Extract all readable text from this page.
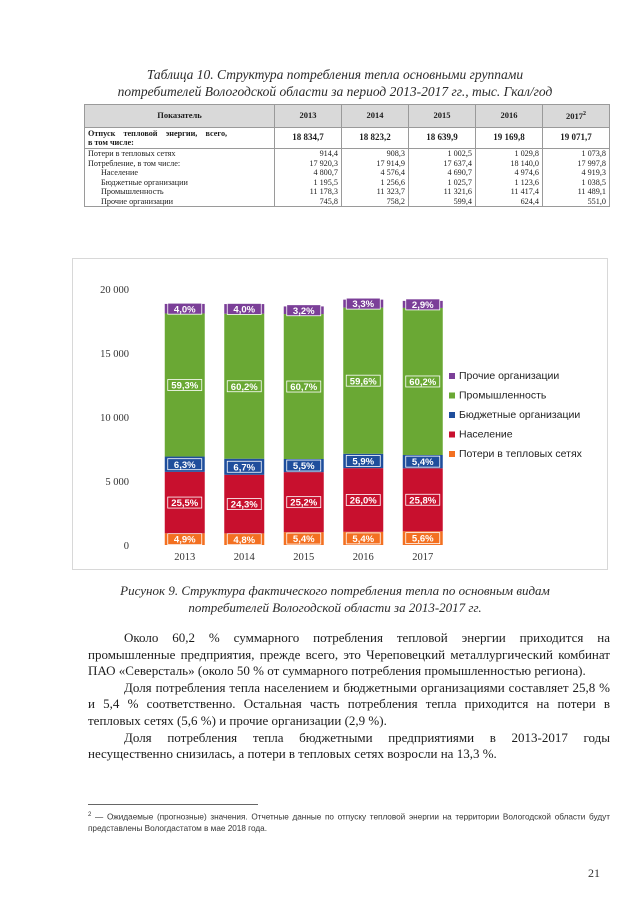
Таблица 10. Структура потребления тепла основными группами
потребителей Вологодской области за период 2013-2017 гг., тыс. Гкал/год
Показатель	2013	2014	2015	2016	2017$^2$

Отпуск    тепловой    энергии,    всего,
в том числе:	18 834,7	18 823,2	18 639,9	19 169,8	19 071,7
Потери в тепловых сетях	914,4	908,3	1 002,5	1 029,8	1 073,8
Потребление, в том числе:	17 920,3	17 914,9	17 637,4	18 140,0	17 997,8
Население	4 800,7	4 576,4	4 690,7	4 974,6	4 919,3
Бюджетные организации	1 195,5	1 256,6	1 025,7	1 123,6	1 038,5
Промышленность	11 178,3	11 323,7	11 321,6	11 417,4	11 489,1
Прочие организации	745,8	758,2	599,4	624,4	551,0
0
5 000
10 000
15 000
20 000
4,9%
25,5%
6,3%
59,3%
4,0%
2013
4,8%
24,3%
6,7%
60,2%
4,0%
2014
5,4%
25,2%
5,5%
60,7%
3,2%
2015
5,4%
26,0%
5,9%
59,6%
3,3%
2016
5,6%
25,8%
5,4%
60,2%
2,9%
2017
Прочие организации
Промышленность
Бюджетные организации
Население
Потери в тепловых сетях
Рисунок 9. Структура фактического потребления тепла по основным видам
потребителей Вологодской области за 2013-2017 гг.

Около 60,2 % суммарного потребления тепловой энергии приходится на промышленные предприятия, прежде всего, это Череповецкий металлургический комбинат ПАО «Северсталь» (около 50 % от суммарного потребления промышленностью региона).

Доля потребления тепла населением и бюджетными организациями составляет 25,8 % и 5,4 % соответственно. Остальная часть потребления тепла приходится на потери в тепловых сетях (5,6 %) и прочие организации (2,9 %).

Доля потребления тепла бюджетными предприятиями в 2013-2017 годы несущественно снизилась, а потери в тепловых сетях возросли на 13,3 %.

$^2$ — Ожидаемые (прогнозные) значения. Отчетные данные по отпуску тепловой энергии на территории Вологодской области будут представлены Вологдастатом в мае 2018 года.
21
